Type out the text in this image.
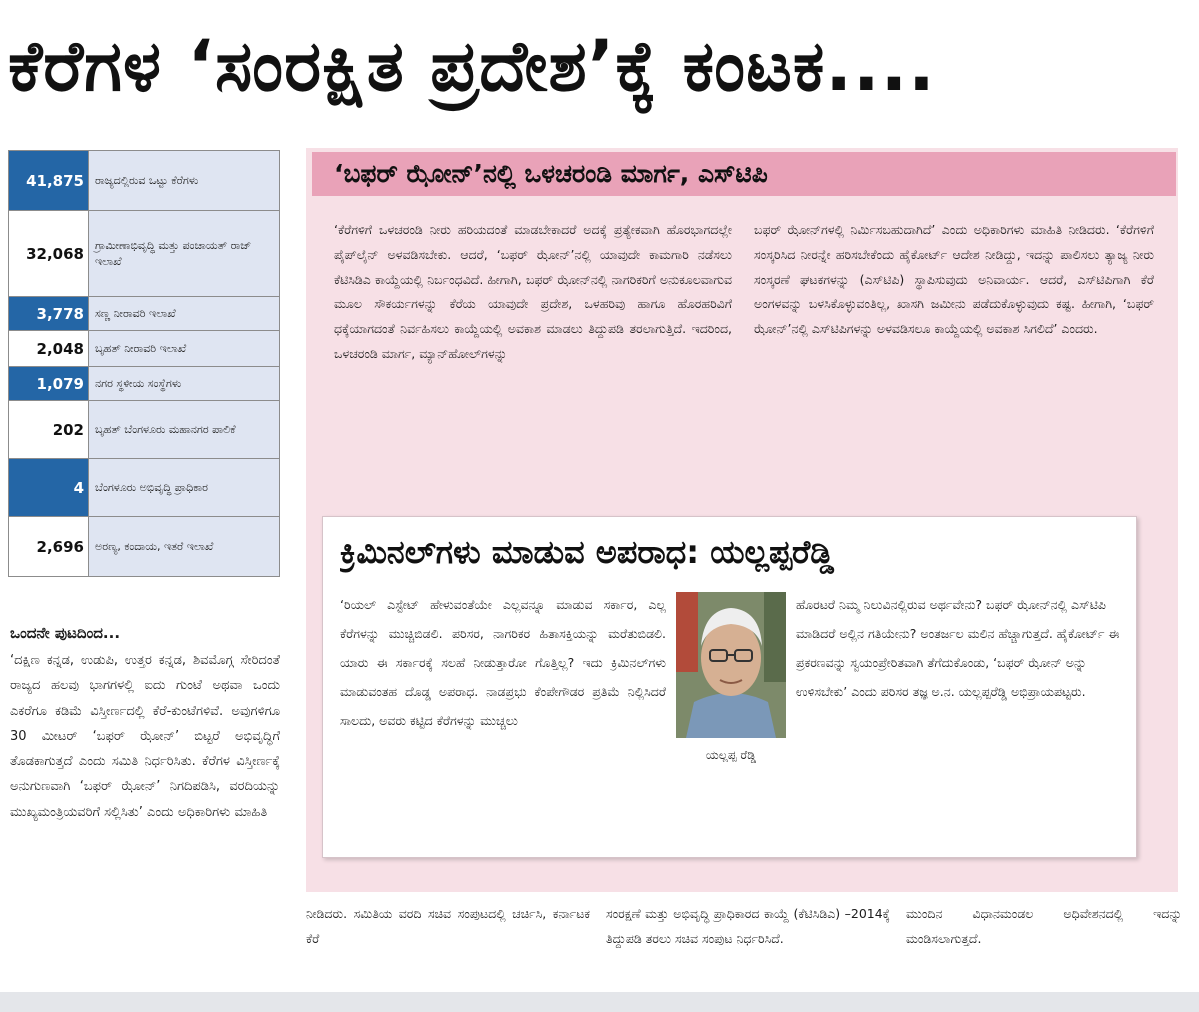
ಕೆರೆಗಳ ‘ಸಂರಕ್ಷಿತ ಪ್ರದೇಶ’ಕ್ಕೆ ಕಂಟಕ....
41,875	ರಾಜ್ಯದಲ್ಲಿರುವ ಒಟ್ಟು ಕೆರೆಗಳು
32,068	ಗ್ರಾಮೀಣಾಭಿವೃದ್ಧಿ ಮತ್ತು ಪಂಚಾಯತ್ ರಾಜ್ ಇಲಾಖೆ
3,778	ಸಣ್ಣ ನೀರಾವರಿ ಇಲಾಖೆ
2,048	ಬೃಹತ್ ನೀರಾವರಿ ಇಲಾಖೆ
1,079	ನಗರ ಸ್ಥಳೀಯ ಸಂಸ್ಥೆಗಳು
202	ಬೃಹತ್ ಬೆಂಗಳೂರು ಮಹಾನಗರ ಪಾಲಿಕೆ
4	ಬೆಂಗಳೂರು ಅಭಿವೃದ್ಧಿ ಪ್ರಾಧಿಕಾರ
2,696	ಅರಣ್ಯ, ಕಂದಾಯ, ಇತರೆ ಇಲಾಖೆ
ಒಂದನೇ ಪುಟದಿಂದ...

‘ದಕ್ಷಿಣ ಕನ್ನಡ, ಉಡುಪಿ, ಉತ್ತರ ಕನ್ನಡ, ಶಿವಮೊಗ್ಗ ಸೇರಿದಂತೆ ರಾಜ್ಯದ ಹಲವು ಭಾಗಗಳಲ್ಲಿ ಐದು ಗುಂಟೆ ಅಥವಾ ಒಂದು ಎಕರೆಗೂ ಕಡಿಮೆ ವಿಸ್ತೀರ್ಣದಲ್ಲಿ ಕೆರೆ-ಕುಂಟೆಗಳಿವೆ. ಅವುಗಳಿಗೂ 30 ಮೀಟರ್ ‘ಬಫರ್ ಝೋನ್’ ಬಿಟ್ಟರೆ ಅಭಿವೃದ್ಧಿಗೆ ತೊಡಕಾಗುತ್ತದೆ ಎಂದು ಸಮಿತಿ ನಿರ್ಧರಿಸಿತು. ಕೆರೆಗಳ ವಿಸ್ತೀರ್ಣಕ್ಕೆ ಅನುಗುಣವಾಗಿ ‘ಬಫರ್ ಝೋನ್’ ನಿಗದಿಪಡಿಸಿ, ವರದಿಯನ್ನು ಮುಖ್ಯಮಂತ್ರಿಯವರಿಗೆ ಸಲ್ಲಿಸಿತು’ ಎಂದು ಅಧಿಕಾರಿಗಳು ಮಾಹಿತಿ

‘ಬಫರ್ ಝೋನ್’ನಲ್ಲಿ ಒಳಚರಂಡಿ ಮಾರ್ಗ, ಎಸ್‌ಟಿಪಿ

‘ಕೆರೆಗಳಿಗೆ ಒಳಚರಂಡಿ ನೀರು ಹರಿಯದಂತೆ ಮಾಡಬೇಕಾದರೆ ಅದಕ್ಕೆ ಪ್ರತ್ಯೇಕವಾಗಿ ಹೊರಭಾಗದಲ್ಲೇ ಪೈಪ್‌ಲೈನ್ ಅಳವಡಿಸಬೇಕು. ಆದರೆ, ‘ಬಫರ್ ಝೋನ್’ನಲ್ಲಿ ಯಾವುದೇ ಕಾಮಗಾರಿ ನಡೆಸಲು ಕೆಟಿಸಿಡಿಎ ಕಾಯ್ದೆಯಲ್ಲಿ ನಿರ್ಬಂಧವಿದೆ. ಹೀಗಾಗಿ, ಬಫರ್ ಝೋನ್‌ನಲ್ಲಿ ನಾಗರಿಕರಿಗೆ ಅನುಕೂಲವಾಗುವ ಮೂಲ ಸೌಕರ್ಯಗಳನ್ನು ಕೆರೆಯ ಯಾವುದೇ ಪ್ರದೇಶ, ಒಳಹರಿವು ಹಾಗೂ ಹೊರಹರಿವಿಗೆ ಧಕ್ಕೆಯಾಗದಂತೆ ನಿರ್ವಹಿಸಲು ಕಾಯ್ದೆಯಲ್ಲಿ ಅವಕಾಶ ಮಾಡಲು ತಿದ್ದುಪಡಿ ತರಲಾಗುತ್ತಿದೆ. ಇದರಿಂದ, ಒಳಚರಂಡಿ ಮಾರ್ಗ, ಮ್ಯಾನ್‌ಹೋಲ್‌ಗಳನ್ನು

ಬಫರ್ ಝೋನ್‌ಗಳಲ್ಲಿ ನಿರ್ಮಿಸಬಹುದಾಗಿದೆ’ ಎಂದು ಅಧಿಕಾರಿಗಳು ಮಾಹಿತಿ ನೀಡಿದರು. ‘ಕೆರೆಗಳಿಗೆ ಸಂಸ್ಕರಿಸಿದ ನೀರನ್ನೇ ಹರಿಸಬೇಕೆಂದು ಹೈಕೋರ್ಟ್ ಆದೇಶ ನೀಡಿದ್ದು, ಇದನ್ನು ಪಾಲಿಸಲು ತ್ಯಾಜ್ಯ ನೀರು ಸಂಸ್ಕರಣೆ ಘಟಕಗಳನ್ನು (ಎಸ್‌ಟಿಪಿ) ಸ್ಥಾಪಿಸುವುದು ಅನಿವಾರ್ಯ. ಆದರೆ, ಎಸ್‌ಟಿಪಿಗಾಗಿ ಕೆರೆ ಅಂಗಳವನ್ನು ಬಳಸಿಕೊಳ್ಳುವಂತಿಲ್ಲ, ಖಾಸಗಿ ಜಮೀನು ಪಡೆದುಕೊಳ್ಳುವುದು ಕಷ್ಟ. ಹೀಗಾಗಿ, ‘ಬಫರ್ ಝೋನ್’ನಲ್ಲಿ ಎಸ್‌ಟಿಪಿಗಳನ್ನು ಅಳವಡಿಸಲೂ ಕಾಯ್ದೆಯಲ್ಲಿ ಅವಕಾಶ ಸಿಗಲಿದೆ’ ಎಂದರು.

ಕ್ರಿಮಿನಲ್‌ಗಳು ಮಾಡುವ ಅಪರಾಧ: ಯಲ್ಲಪ್ಪರೆಡ್ಡಿ

‘ರಿಯಲ್ ಎಸ್ಟೇಟ್ ಹೇಳುವಂತೆಯೇ ಎಲ್ಲವನ್ನೂ ಮಾಡುವ ಸರ್ಕಾರ, ಎಲ್ಲ ಕೆರೆಗಳನ್ನು ಮುಚ್ಚಿಬಿಡಲಿ. ಪರಿಸರ, ನಾಗರಿಕರ ಹಿತಾಸಕ್ತಿಯನ್ನು ಮರೆತುಬಿಡಲಿ. ಯಾರು ಈ ಸರ್ಕಾರಕ್ಕೆ ಸಲಹೆ ನೀಡುತ್ತಾರೋ ಗೊತ್ತಿಲ್ಲ? ಇದು ಕ್ರಿಮಿನಲ್‌ಗಳು ಮಾಡುವಂತಹ ದೊಡ್ಡ ಅಪರಾಧ. ನಾಡಪ್ರಭು ಕೆಂಪೇಗೌಡರ ಪ್ರತಿಮೆ ನಿಲ್ಲಿಸಿದರೆ ಸಾಲದು, ಅವರು ಕಟ್ಟಿದ ಕೆರೆಗಳನ್ನು ಮುಚ್ಚಲು

ಯಲ್ಲಪ್ಪ ರೆಡ್ಡಿ

ಹೊರಟರೆ ನಿಮ್ಮ ನಿಲುವಿನಲ್ಲಿರುವ ಅರ್ಥವೇನು? ಬಫರ್ ಝೋನ್‌ನಲ್ಲಿ ಎಸ್‌ಟಿಪಿ ಮಾಡಿದರೆ ಅಲ್ಲಿನ ಗತಿಯೇನು? ಅಂತರ್ಜಲ ಮಲಿನ ಹೆಚ್ಚಾಗುತ್ತದೆ. ಹೈಕೋರ್ಟ್ ಈ ಪ್ರಕರಣವನ್ನು ಸ್ವಯಂಪ್ರೇರಿತವಾಗಿ ತೆಗೆದುಕೊಂಡು, ‘ಬಫರ್ ಝೋನ್ ಅನ್ನು ಉಳಿಸಬೇಕು’ ಎಂದು ಪರಿಸರ ತಜ್ಞ ಅ.ನ. ಯಲ್ಲಪ್ಪರೆಡ್ಡಿ ಅಭಿಪ್ರಾಯಪಟ್ಟರು.

ನೀಡಿದರು. ಸಮಿತಿಯ ವರದಿ ಸಚಿವ ಸಂಪುಟದಲ್ಲಿ ಚರ್ಚಿಸಿ, ಕರ್ನಾಟಕ ಕೆರೆ

ಸಂರಕ್ಷಣೆ ಮತ್ತು ಅಭಿವೃದ್ಧಿ ಪ್ರಾಧಿಕಾರದ ಕಾಯ್ದೆ (ಕೆಟಿಸಿಡಿಎ) –2014ಕ್ಕೆ ತಿದ್ದುಪಡಿ ತರಲು ಸಚಿವ ಸಂಪುಟ ನಿರ್ಧರಿಸಿದೆ.

ಮುಂದಿನ ವಿಧಾನಮಂಡಲ ಅಧಿವೇಶನದಲ್ಲಿ ಇದನ್ನು ಮಂಡಿಸಲಾಗುತ್ತದೆ.
